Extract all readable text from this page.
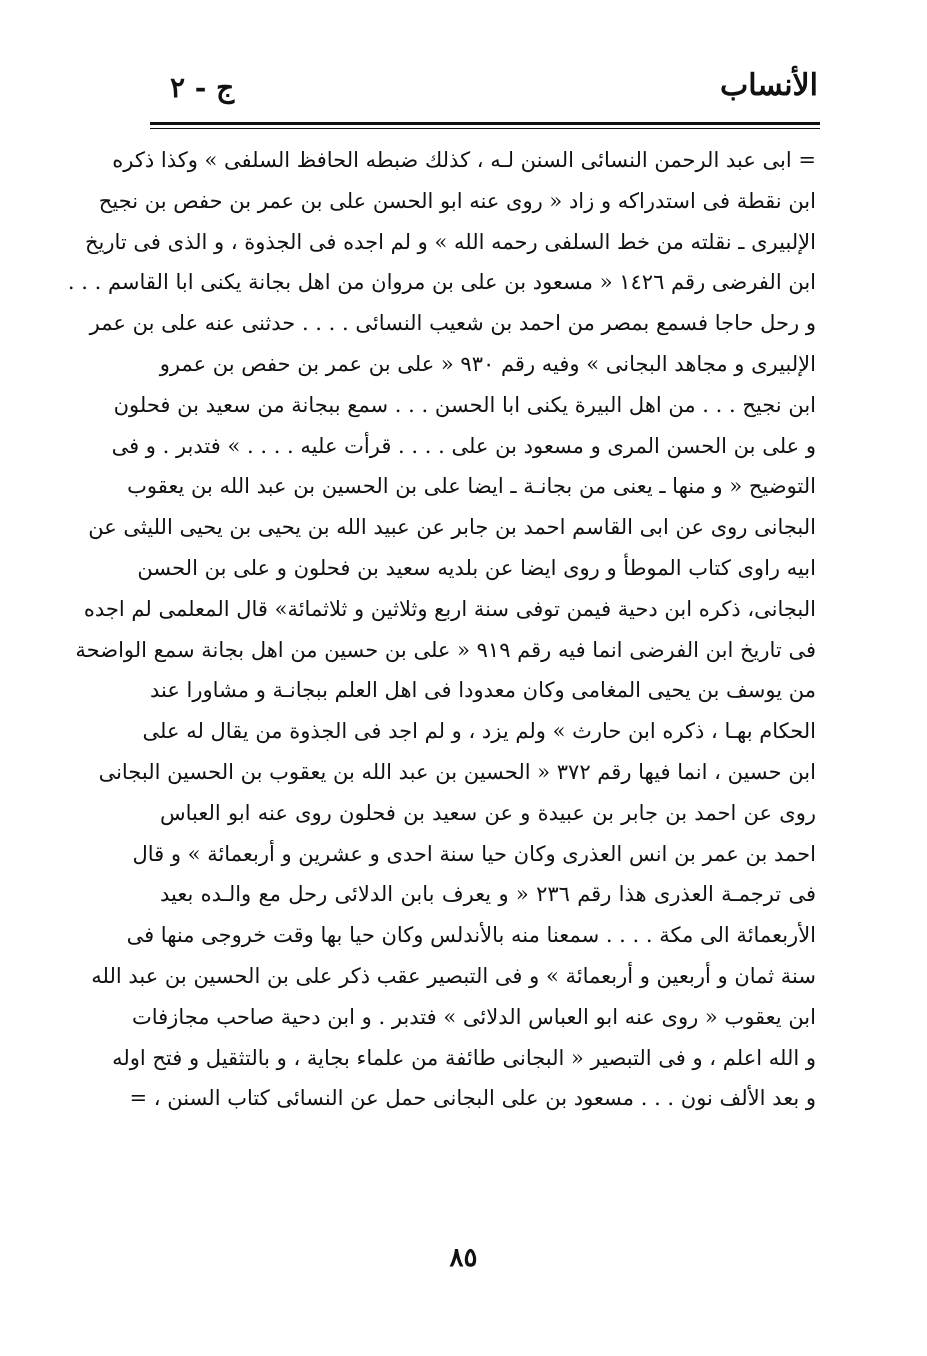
الأنساب
ج - ٢
= ابى عبد الرحمن النسائى السنن لـه ، كذلك ضبطه الحافظ السلفى » وكذا ذكره
ابن نقطة فى استدراكه و زاد « روى عنه ابو الحسن على بن عمر بن حفص بن نجيح
الإلبيرى ـ نقلته من خط السلفى رحمه الله » و لم اجده فى الجذوة ، و الذى فى تاريخ
ابن الفرضى رقم ١٤٢٦ « مسعود بن على بن مروان من اهل بجانة يكنى ابا القاسم . . .
و رحل حاجا فسمع بمصر من احمد بن شعيب النسائى . . . . حدثنى عنه على بن عمر
الإلبيرى و مجاهد البجانى » وفيه رقم ٩٣٠ « على بن عمر بن حفص بن عمرو
ابن نجيح . . . من اهل البيرة يكنى ابا الحسن . . . سمع ببجانة من سعيد بن فحلون
و على بن الحسن المرى و مسعود بن على . . . . قرأت عليه . . . . » فتدبر . و فى
التوضيح « و منها ـ يعنى من بجانـة ـ ايضا على بن الحسين بن عبد الله بن يعقوب
البجانى روى عن ابى القاسم احمد بن جابر عن عبيد الله بن يحيى بن يحيى الليثى عن
ابيه راوى كتاب الموطأ و روى ايضا عن بلديه سعيد بن فحلون و على بن الحسن
البجانى، ذكره ابن دحية فيمن توفى سنة اربع وثلاثين و ثلاثمائة» قال المعلمى لم اجده
فى تاريخ ابن الفرضى انما فيه رقم ٩١٩ « على بن حسين من اهل بجانة سمع الواضحة
من يوسف بن يحيى المغامى وكان معدودا فى اهل العلم ببجانـة و مشاورا عند
الحكام بهـا ، ذكره ابن حارث » ولم يزد ، و لم اجد فى الجذوة من يقال له على
ابن حسين ، انما فيها رقم ٣٧٢ « الحسين بن عبد الله بن يعقوب بن الحسين البجانى
روى عن احمد بن جابر بن عبيدة و عن سعيد بن فحلون روى عنه ابو العباس
احمد بن عمر بن انس العذرى وكان حيا سنة احدى و عشرين و أربعمائة » و قال
فى ترجمـة العذرى هذا رقم ٢٣٦ « و يعرف بابن الدلائى رحل مع والـده بعيد
الأربعمائة الى مكة . . . . سمعنا منه بالأندلس وكان حيا بها وقت خروجى منها فى
سنة ثمان و أربعين و أربعمائة » و فى التبصير عقب ذكر على بن الحسين بن عبد الله
ابن يعقوب « روى عنه ابو العباس الدلائى » فتدبر . و ابن دحية صاحب مجازفات
و الله اعلم ، و فى التبصير « البجانى طائفة من علماء بجاية ، و بالتثقيل و فتح اوله
و بعد الألف نون . . . مسعود بن على البجانى حمل عن النسائى كتاب السنن ، =
٨٥
